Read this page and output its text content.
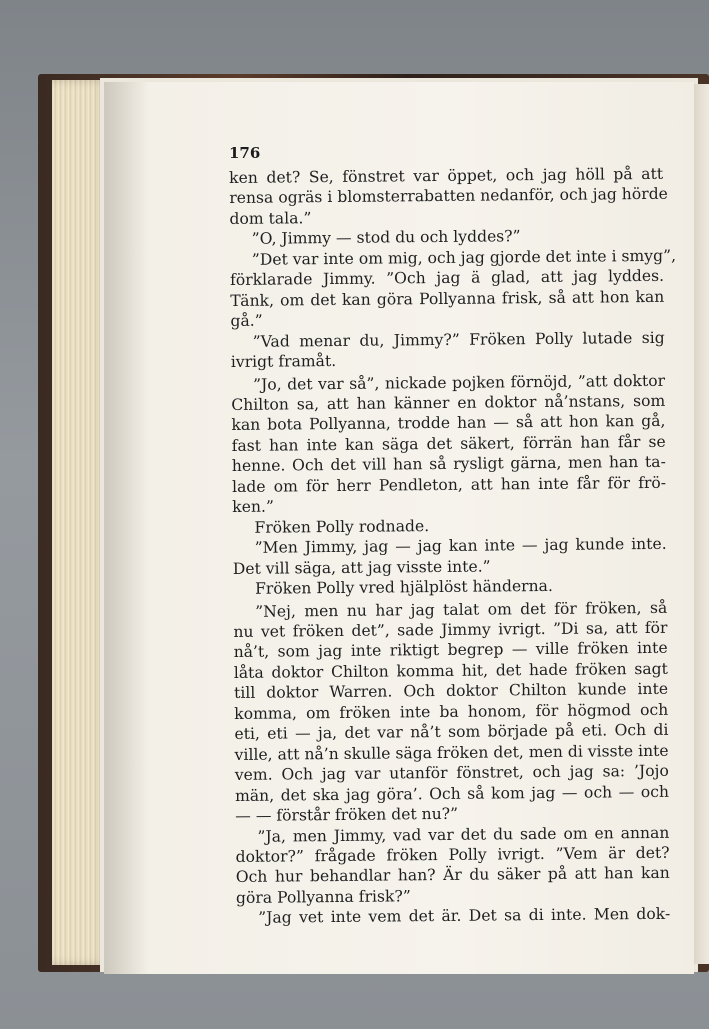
176
ken det? Se, fönstret var öppet, och jag höll på att
rensa ogräs i blomsterrabatten nedanför, och jag hörde
dom tala.”
”O, Jimmy — stod du och lyddes?”
”Det var inte om mig, och jag gjorde det inte i smyg”,
förklarade Jimmy. ”Och jag ä glad, att jag lyddes.
Tänk, om det kan göra Pollyanna frisk, så att hon kan
gå.”
”Vad menar du, Jimmy?” Fröken Polly lutade sig
ivrigt framåt.
”Jo, det var så”, nickade pojken förnöjd, ”att doktor
Chilton sa, att han känner en doktor nå’nstans, som
kan bota Pollyanna, trodde han — så att hon kan gå,
fast han inte kan säga det säkert, förrän han får se
henne. Och det vill han så rysligt gärna, men han ta-
lade om för herr Pendleton, att han inte får för frö-
ken.”
Fröken Polly rodnade.
”Men Jimmy, jag — jag kan inte — jag kunde inte.
Det vill säga, att jag visste inte.”
Fröken Polly vred hjälplöst händerna.
”Nej, men nu har jag talat om det för fröken, så
nu vet fröken det”, sade Jimmy ivrigt. ”Di sa, att för
nå’t, som jag inte riktigt begrep — ville fröken inte
låta doktor Chilton komma hit, det hade fröken sagt
till doktor Warren. Och doktor Chilton kunde inte
komma, om fröken inte ba honom, för högmod och
eti, eti — ja, det var nå’t som började på eti. Och di
ville, att nå’n skulle säga fröken det, men di visste inte
vem. Och jag var utanför fönstret, och jag sa: ’Jojo
män, det ska jag göra’. Och så kom jag — och — och
— — förstår fröken det nu?”
”Ja, men Jimmy, vad var det du sade om en annan
doktor?” frågade fröken Polly ivrigt. ”Vem är det?
Och hur behandlar han? Är du säker på att han kan
göra Pollyanna frisk?”
”Jag vet inte vem det är. Det sa di inte. Men dok-
